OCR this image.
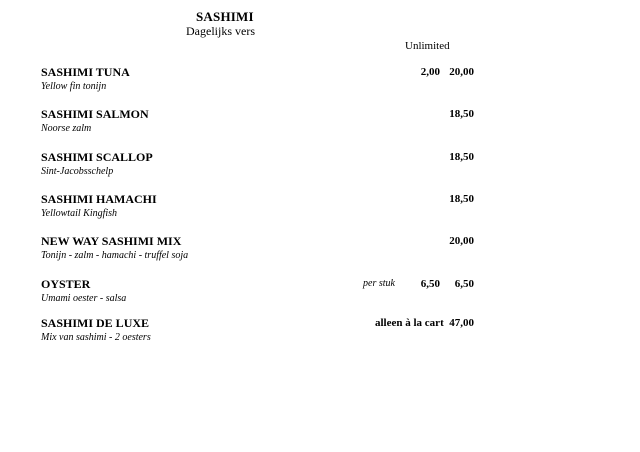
SASHIMI
Dagelijks vers
Unlimited
SASHIMI TUNA
Yellow fin tonijn
2,00 20,00
SASHIMI SALMON
Noorse zalm
18,50
SASHIMI SCALLOP
Sint-Jacobsschelp
18,50
SASHIMI HAMACHI
Yellowtail Kingfish
18,50
NEW WAY SASHIMI MIX
Tonijn - zalm - hamachi - truffel soja
20,00
OYSTER
Umami oester - salsa
per stuk 6,50 6,50
SASHIMI DE LUXE
Mix van sashimi - 2 oesters
alleen à la cart 47,00
